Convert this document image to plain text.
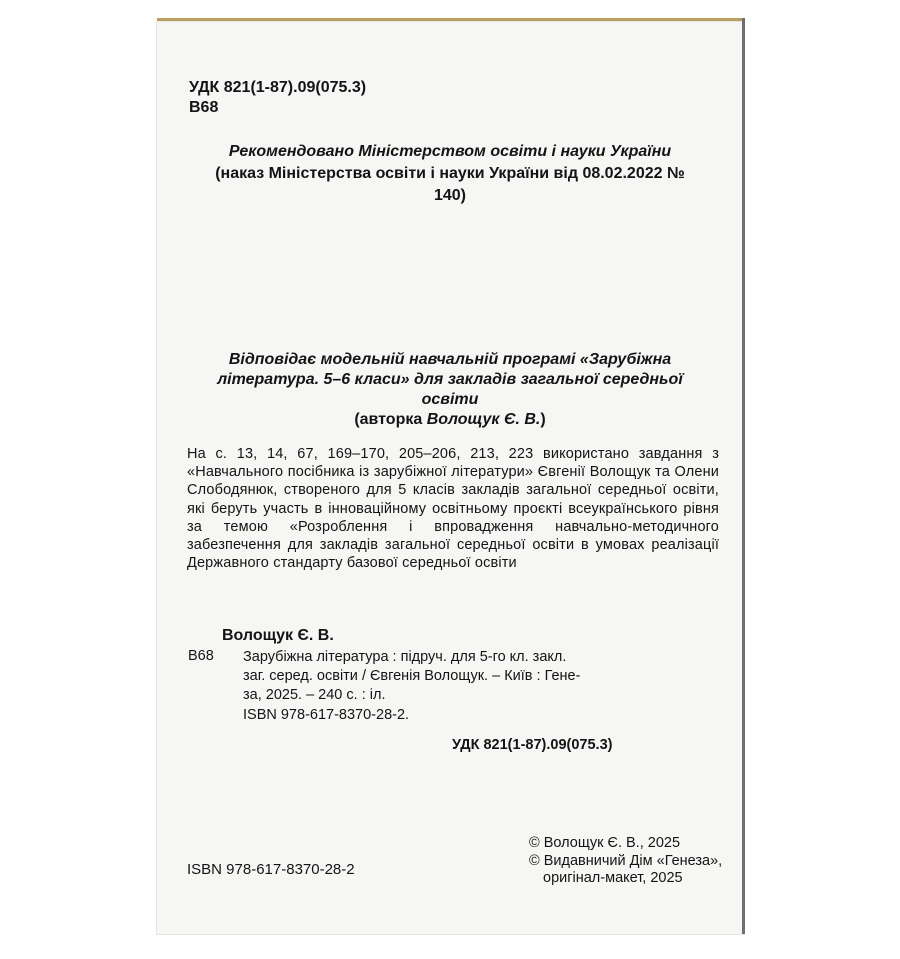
УДК 821(1-87).09(075.3)
В68
Рекомендовано Міністерством освіти і науки України
(наказ Міністерства освіти і науки України від 08.02.2022 № 140)
Відповідає модельній навчальній програмі «Зарубіжна
література. 5–6 класи» для закладів загальної середньої освіти
(авторка Волощук Є. В.)
На с. 13, 14, 67, 169–170, 205–206, 213, 223 використано завдання з «Навчального посібника із зарубіжної літератури» Євгенії Волощук та Олени Слободянюк, створеного для 5 класів закладів загальної середньої освіти, які беруть участь в інноваційному освітньому проєкті всеукраїнського рівня за темою «Розроблення і впровадження навчально-методичного забезпечення для закладів загальної середньої освіти в умовах реалізації Державного стандарту базової середньої освіти
Волощук Є. В.
В68 Зарубіжна література : підруч. для 5-го кл. закл.
заг. серед. освіти / Євгенія Волощук. – Київ : Гене-
за, 2025. – 240 с. : іл.
ISBN 978-617-8370-28-2.
УДК 821(1-87).09(075.3)
ISBN 978-617-8370-28-2
© Волощук Є. В., 2025
© Видавничий Дім «Генеза»,
оригінал-макет, 2025
